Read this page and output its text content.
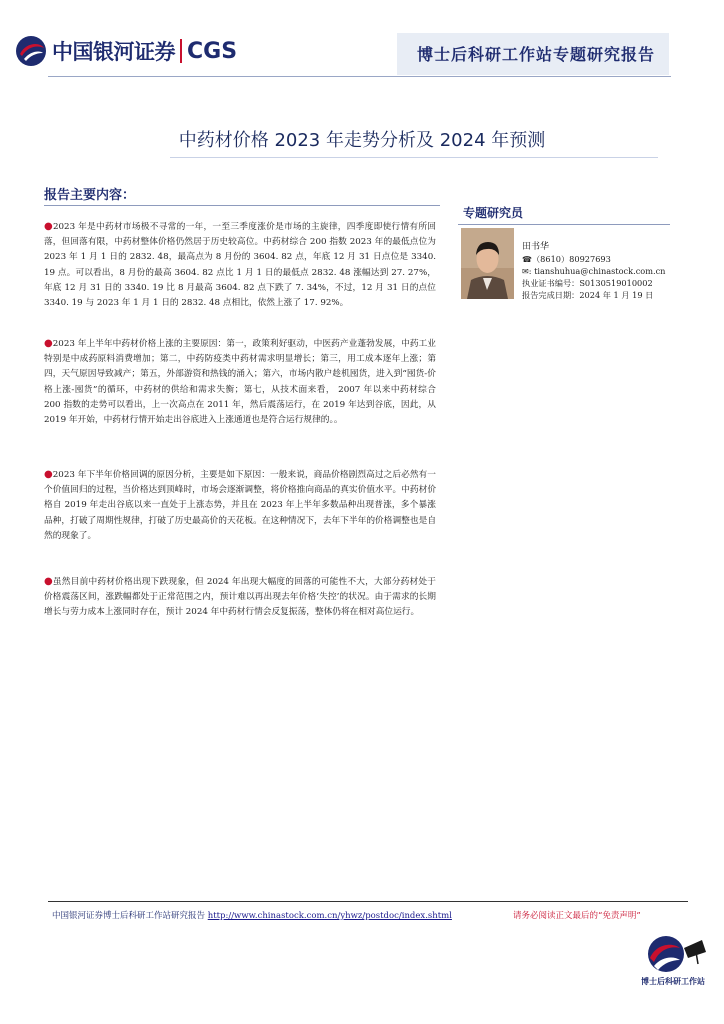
中国银河证券 CGS	博士后科研工作站专题研究报告
中药材价格 2023 年走势分析及 2024 年预测
报告主要内容：
●2023 年是中药材市场极不寻常的一年，一至三季度涨价是市场的主旋律，四季度即使行情有所回落，但回落有限，中药材整体价格仍然居于历史较高位。中药材综合 200 指数 2023 年的最低点位为 2023 年 1 月 1 日的 2832. 48，最高点为 8 月份的 3604. 82 点，年底 12 月 31 日点位是 3340. 19 点。可以看出，8 月份的最高 3604. 82 点比 1 月 1 日的最低点 2832. 48 涨幅达到 27. 27%，年底 12 月 31 日的 3340. 19 比 8 月最高 3604. 82 点下跌了 7. 34%，不过，12 月 31 日的点位 3340. 19 与 2023 年 1 月 1 日的 2832. 48 点相比，依然上涨了 17. 92%。
●2023 年上半年中药材价格上涨的主要原因：第一，政策利好驱动，中医药产业蓬勃发展，中药工业特别是中成药原料消费增加；第二，中药防疫类中药材需求明显增长；第三，用工成本逐年上涨；第四，天气原因导致减产；第五，外部游资和热钱的涌入；第六，市场内散户趁机囤货，进入到“囤货-价格上涨-囤货”的循环，中药材的供给和需求失衡；第七，从技术面来看， 2007 年以来中药材综合 200 指数的走势可以看出，上一次高点在 2011 年，然后震荡运行，在 2019 年达到谷底，因此，从 2019 年开始，中药材行情开始走出谷底进入上涨通道也是符合运行规律的。。
●2023 年下半年价格回调的原因分析，主要是如下原因：一般来说，商品价格剧烈高过之后必然有一个价值回归的过程，当价格达到顶峰时，市场会逐渐调整，将价格推向商品的真实价值水平。中药材价格自 2019 年走出谷底以来一直处于上涨态势，并且在 2023 年上半年多数品种出现普涨，多个暴涨品种，打破了周期性规律，打破了历史最高价的天花板。在这种情况下，去年下半年的价格调整也是自然的现象了。
●虽然目前中药材价格出现下跌现象，但 2024 年出现大幅度的回落的可能性不大，大部分药材处于价格震荡区间，涨跌幅都处于正常范围之内，预计难以再出现去年价格‘失控’的状况。由于需求的长期增长与劳力成本上涨同时存在，预计 2024 年中药材行情会反复振荡，整体仍将在相对高位运行。
专题研究员
田书华
☎（8610）80927693
✉: tianshuhua@chinastock.com.cn
执业证书编号：S0130519010002
报告完成日期：2024 年 1 月 19 日
中国银河证券博士后科研工作站研究报告 http://www.chinastock.com.cn/yhwz/postdoc/index.shtml	请务必阅读正文最后的“免责声明”
博士后科研工作站
